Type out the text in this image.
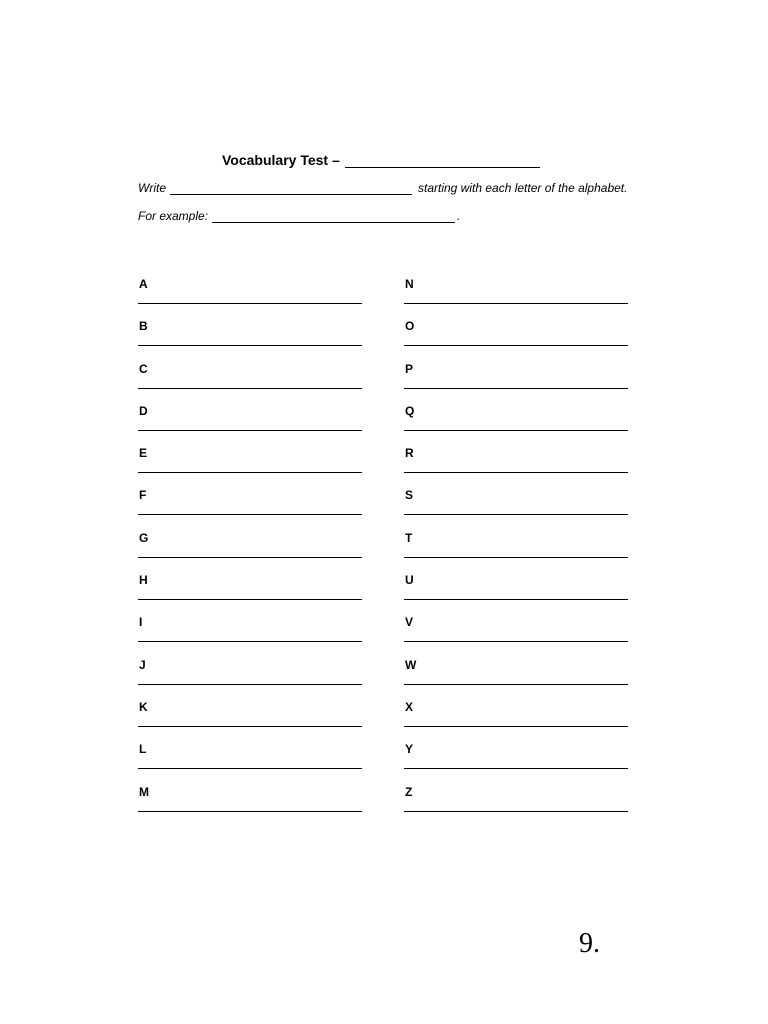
Vocabulary Test –
Write	starting with each letter of the alphabet.
For example:	.
A
B
C
D
E
F
G
H
I
J
K
L
M
N
O
P
Q
R
S
T
U
V
W
X
Y
Z
9.
